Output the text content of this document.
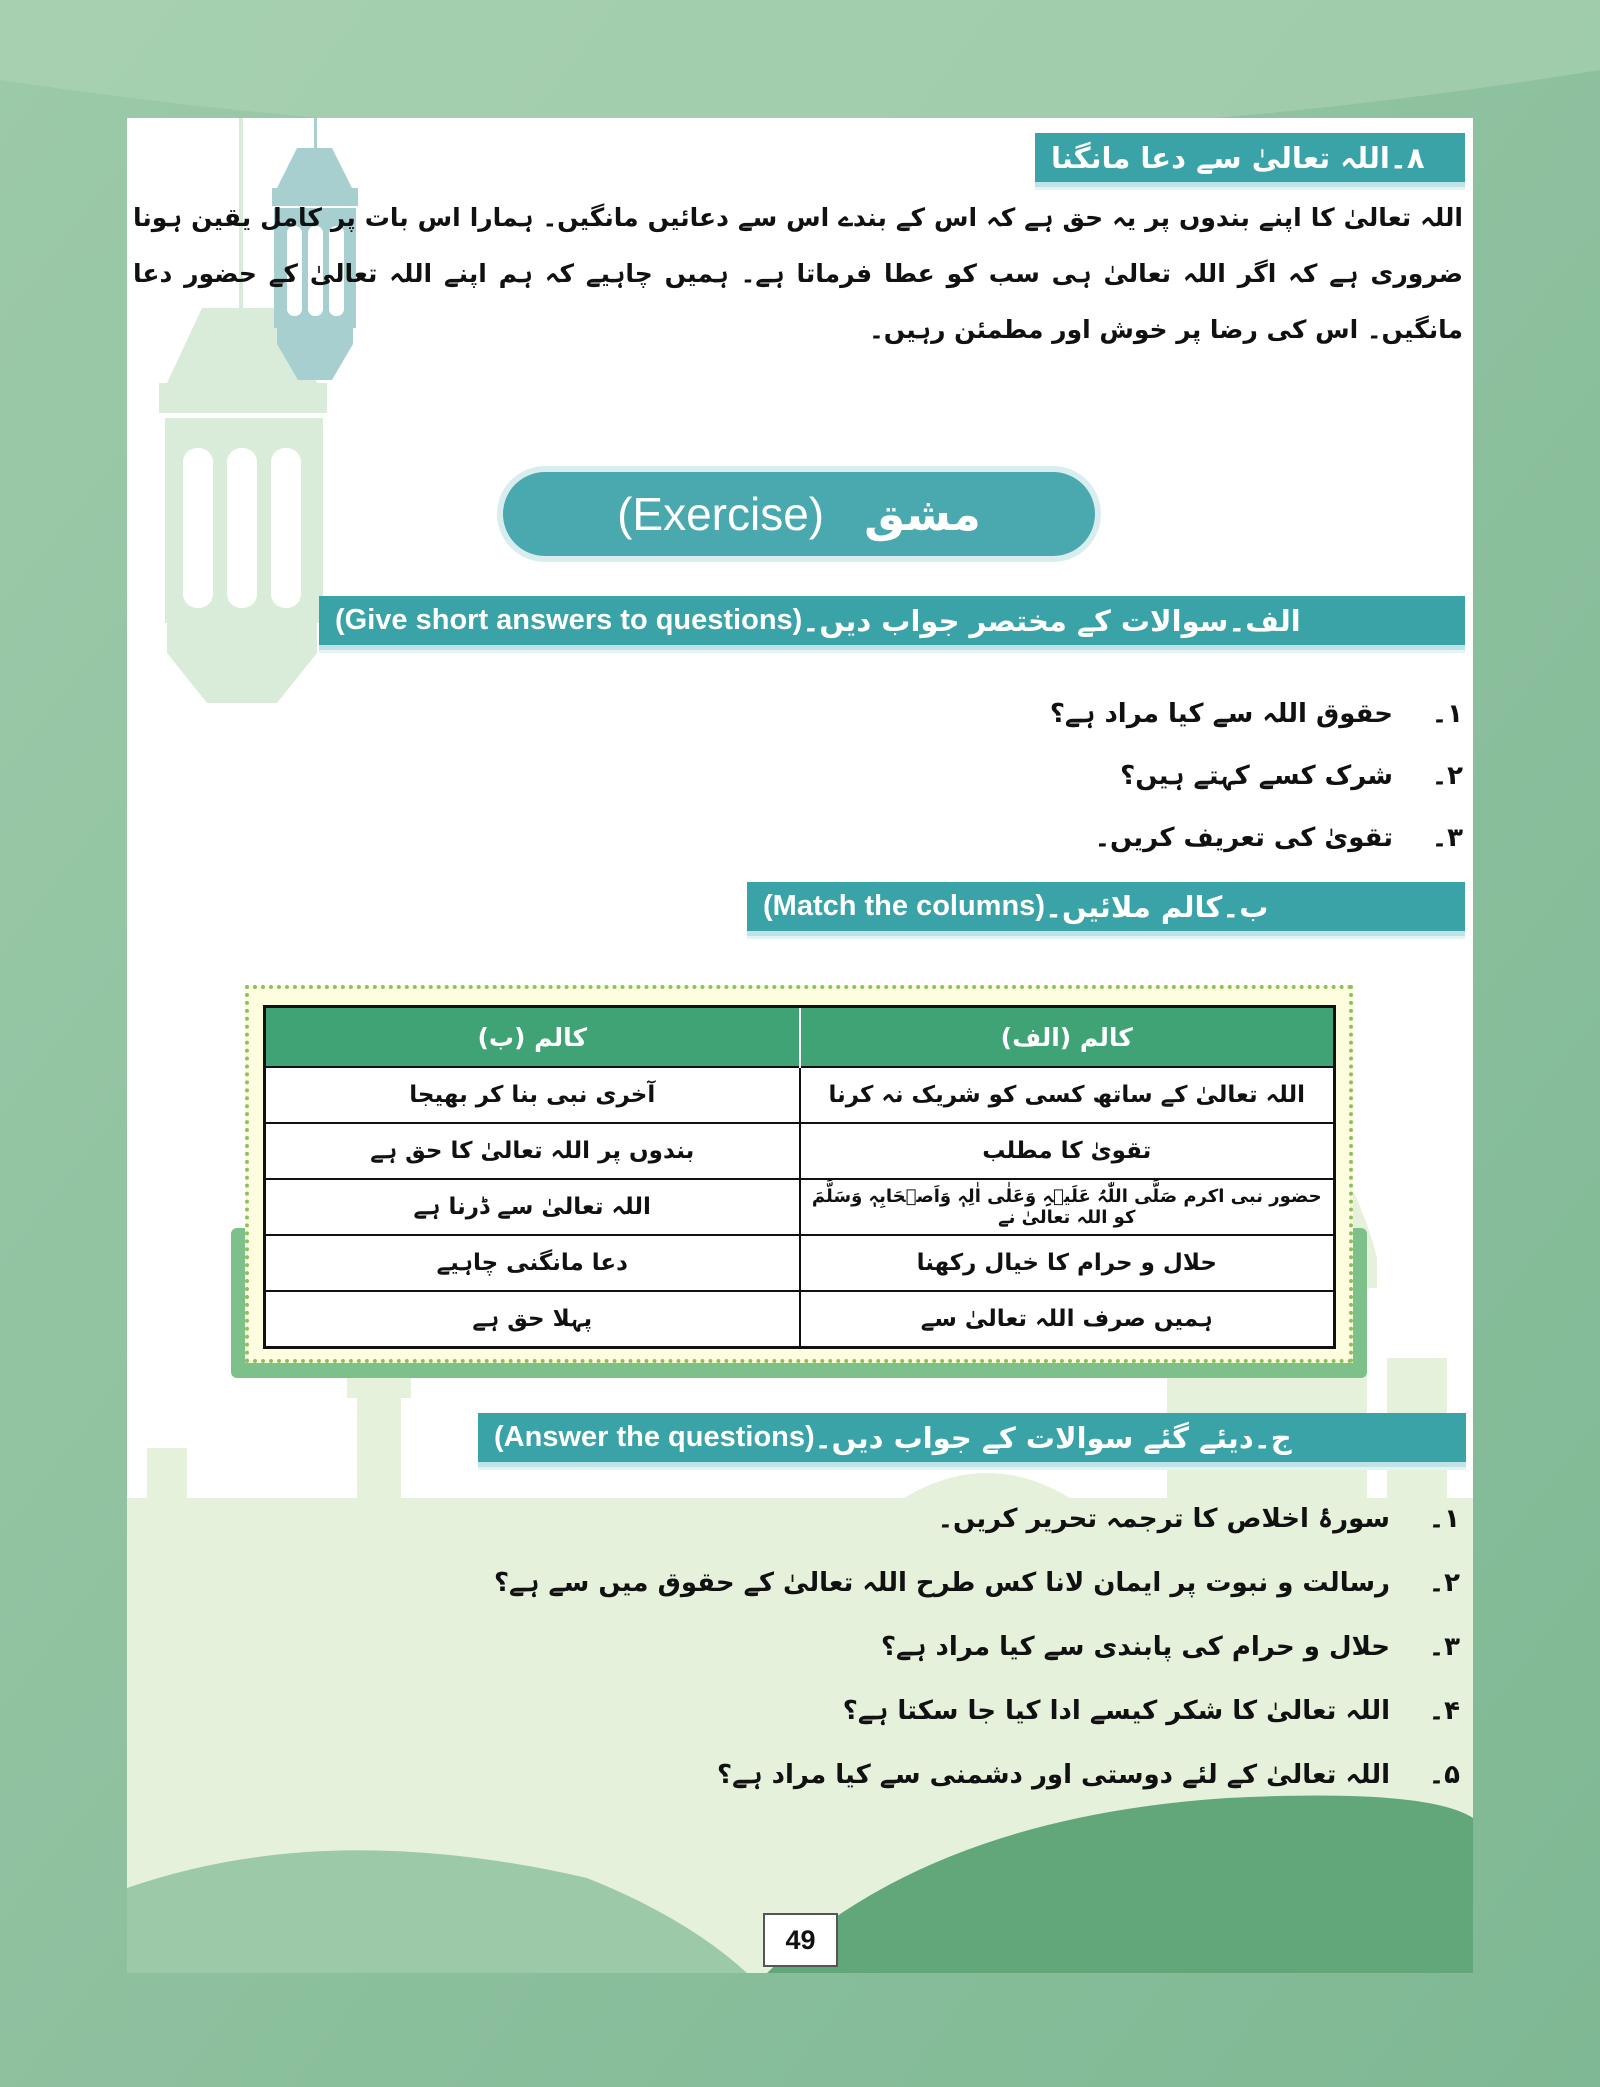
۸۔اللہ تعالیٰ سے دعا مانگنا
اللہ تعالیٰ کا اپنے بندوں پر یہ حق ہے کہ اس کے بندے اس سے دعائیں مانگیں۔ ہمارا اس بات پر کامل یقین ہونا ضروری ہے کہ اگر اللہ تعالیٰ ہی سب کو عطا فرماتا ہے۔ ہمیں چاہیے کہ ہم اپنے اللہ تعالیٰ کے حضور دعا مانگیں۔ اس کی رضا پر خوش اور مطمئن رہیں۔
(Exercise) مشق
الف۔سوالات کے مختصر جواب دیں۔
(Give short answers to questions)
۱۔
حقوق اللہ سے کیا مراد ہے؟
۲۔
شرک کسے کہتے ہیں؟
۳۔
تقویٰ کی تعریف کریں۔
ب۔کالم ملائیں۔
(Match the columns)
کالم (الف)	کالم (ب)
اللہ تعالیٰ کے ساتھ کسی کو شریک نہ کرنا	آخری نبی بنا کر بھیجا
تقویٰ کا مطلب	بندوں پر اللہ تعالیٰ کا حق ہے
حضور نبی اکرم صَلَّی اللّٰہُ عَلَیۡہِ وَعَلٰی اٰلِہٖ وَاَصۡحَابِہٖ وَسَلَّمَ کو اللہ تعالیٰ نے	اللہ تعالیٰ سے ڈرنا ہے
حلال و حرام کا خیال رکھنا	دعا مانگنی چاہیے
ہمیں صرف اللہ تعالیٰ سے	پہلا حق ہے
ج۔دیئے گئے سوالات کے جواب دیں۔
(Answer the questions)
۱۔
سورۂ اخلاص کا ترجمہ تحریر کریں۔
۲۔
رسالت و نبوت پر ایمان لانا کس طرح اللہ تعالیٰ کے حقوق میں سے ہے؟
۳۔
حلال و حرام کی پابندی سے کیا مراد ہے؟
۴۔
اللہ تعالیٰ کا شکر کیسے ادا کیا جا سکتا ہے؟
۵۔
اللہ تعالیٰ کے لئے دوستی اور دشمنی سے کیا مراد ہے؟
49
